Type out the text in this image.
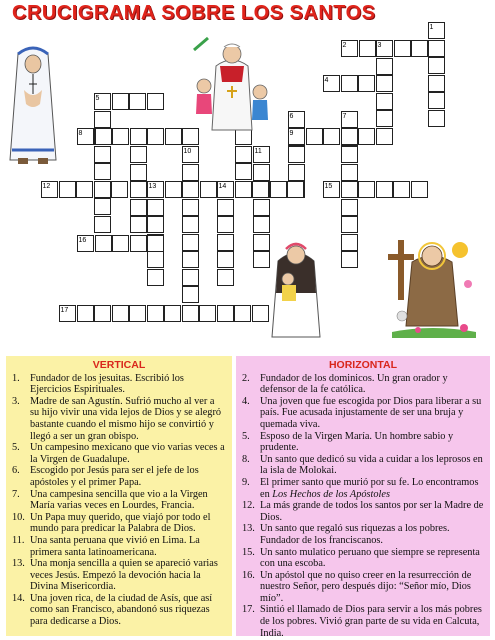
CRUCIGRAMA SOBRE LOS SANTOS
1
2	3
4
5
6	7
8	9
10	11
12	13	14	15
16
17
VERTICAL
1. Fundador de los jesuitas. Escribió los Ejercicios Espirituales.
3. Madre de san Agustín. Sufrió mucho al ver a su hijo vivir una vida lejos de Dios y se alegró bastante cuando el mismo hijo se convirtió y llegó a ser un gran obispo.
5. Un campesino mexicano que vio varias veces a la Virgen de Guadalupe.
6. Escogido por Jesús para ser el jefe de los apóstoles y el primer Papa.
7. Una campesina sencilla que vio a la Virgen María varias veces en Lourdes, Francia.
10. Un Papa muy querido, que viajó por todo el mundo para predicar la Palabra de Dios.
11. Una santa peruana que vivió en Lima. La primera santa latinoamericana.
13. Una monja sencilla a quien se apareció varias veces Jesús. Empezó la devoción hacia la Divina Misericordia.
14. Una joven rica, de la ciudad de Asís, que así como san Francisco, abandonó sus riquezas para dedicarse a Dios.
HORIZONTAL
2. Fundador de los dominicos. Un gran orador y defensor de la fe católica.
4. Una joven que fue escogida por Dios para liberar a su país. Fue acusada injustamente de ser una bruja y quemada viva.
5. Esposo de la Virgen María. Un hombre sabio y prudente.
8. Un santo que dedicó su vida a cuidar a los leprosos en la isla de Molokai.
9. El primer santo que murió por su fe. Lo encontramos en Los Hechos de los Apóstoles
12. La más grande de todos los santos por ser la Madre de Dios.
13. Un santo que regaló sus riquezas a los pobres. Fundador de los franciscanos.
15. Un santo mulatico peruano que siempre se representa con una escoba.
16. Un apóstol que no quiso creer en la resurrección de nuestro Señor, pero después dijo: “Señor mío, Dios mío”.
17. Sintió el llamado de Dios para servir a los más pobres de los pobres. Vivió gran parte de su vida en Calcuta, India.
